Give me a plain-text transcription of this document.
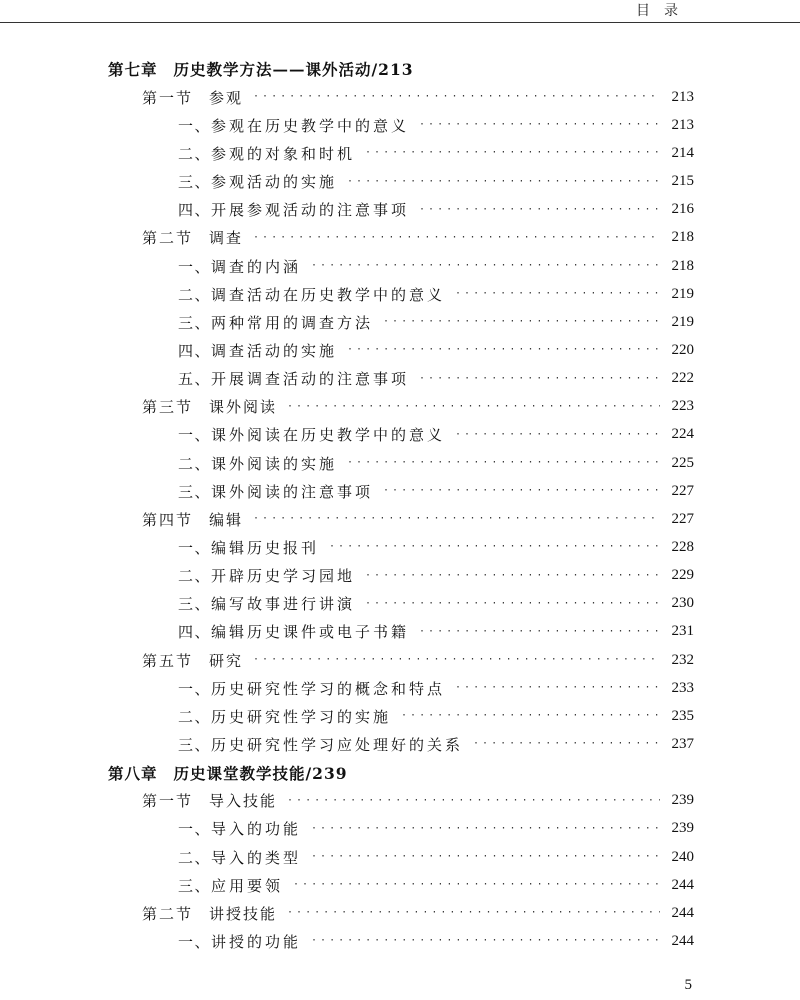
目录
第七章 历史教学方法——课外活动/213
第一节 参观 ·····	213
一、参观在历史教学中的意义 ·····	213
二、参观的对象和时机 ·····	214
三、参观活动的实施 ·····	215
四、开展参观活动的注意事项 ·····	216
第二节 调查 ·····	218
一、调查的内涵 ·····	218
二、调查活动在历史教学中的意义 ·····	219
三、两种常用的调查方法 ·····	219
四、调查活动的实施 ·····	220
五、开展调查活动的注意事项 ·····	222
第三节 课外阅读 ·····	223
一、课外阅读在历史教学中的意义 ·····	224
二、课外阅读的实施 ·····	225
三、课外阅读的注意事项 ·····	227
第四节 编辑 ·····	227
一、编辑历史报刊 ·····	228
二、开辟历史学习园地 ·····	229
三、编写故事进行讲演 ·····	230
四、编辑历史课件或电子书籍 ·····	231
第五节 研究 ·····	232
一、历史研究性学习的概念和特点 ·····	233
二、历史研究性学习的实施 ·····	235
三、历史研究性学习应处理好的关系 ·····	237
第八章 历史课堂教学技能/239
第一节 导入技能 ·····	239
一、导入的功能 ·····	239
二、导入的类型 ·····	240
三、应用要领 ·····	244
第二节 讲授技能 ·····	244
一、讲授的功能 ·····	244
5
